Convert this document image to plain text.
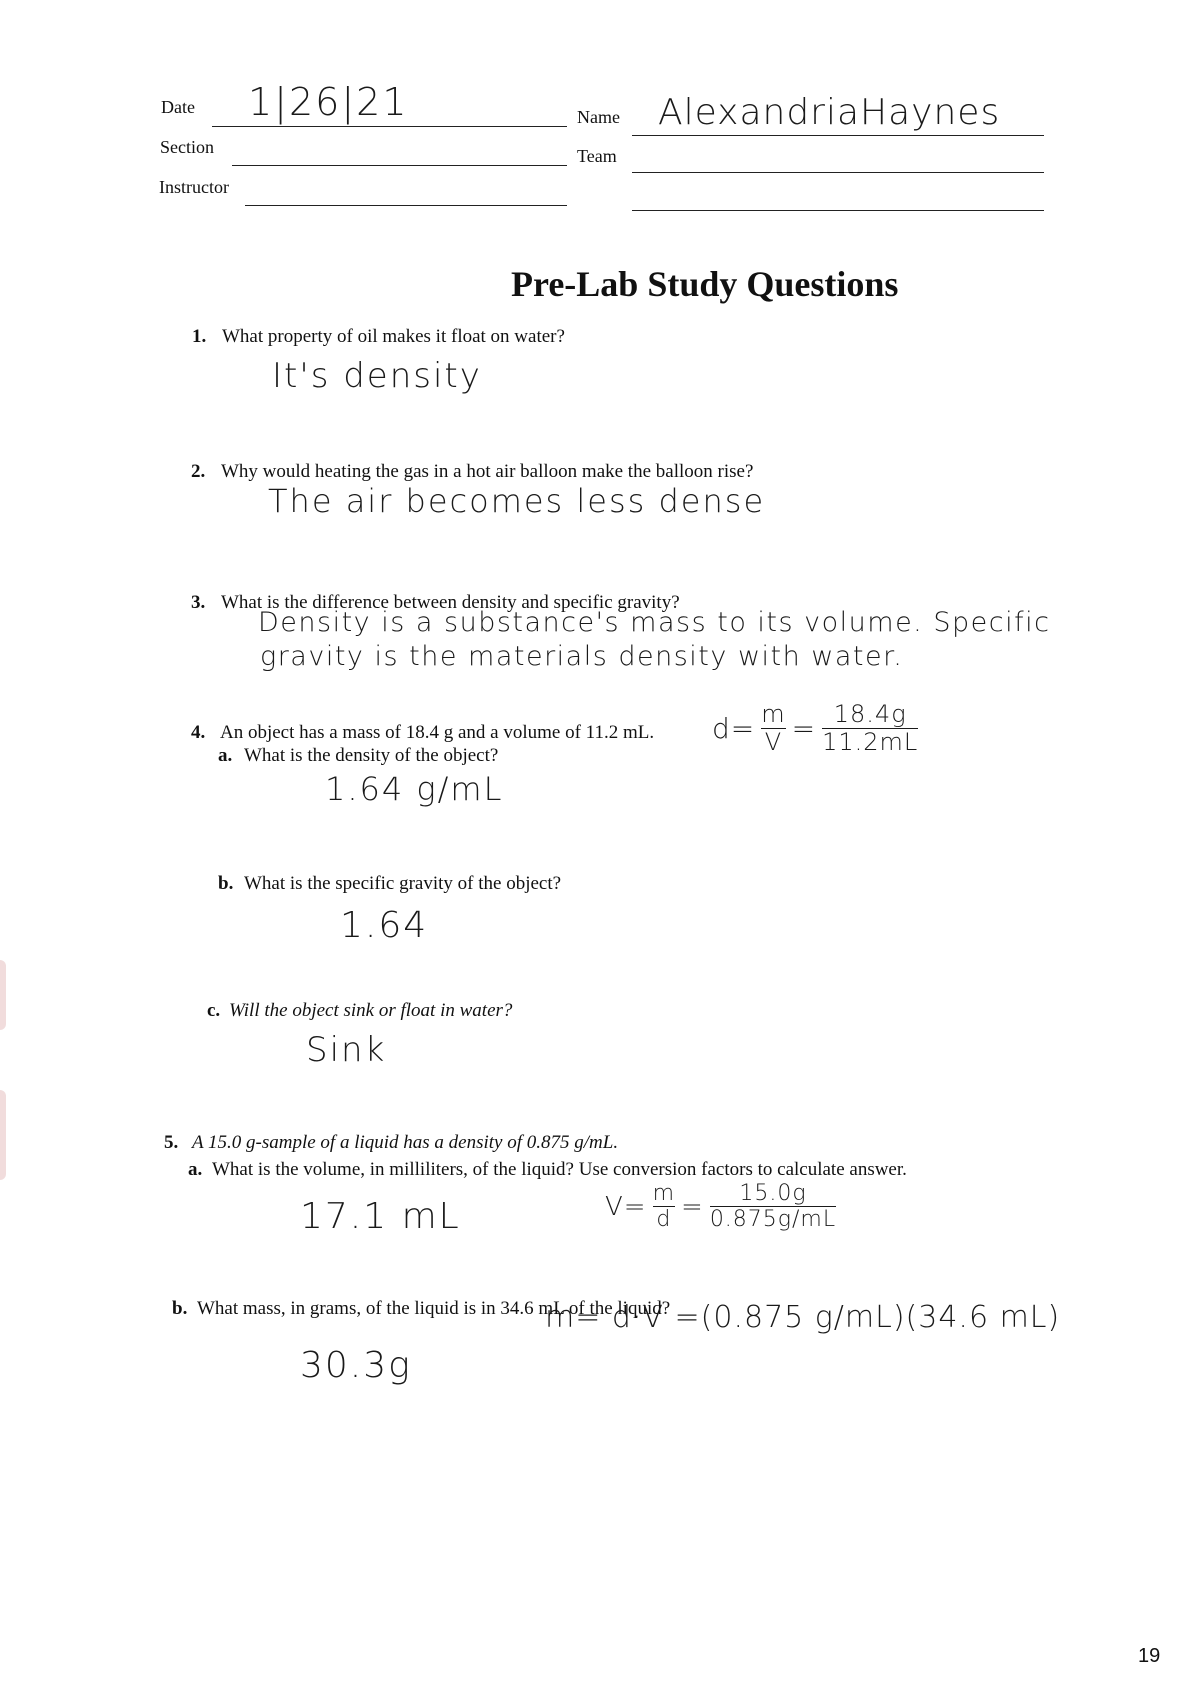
Date 1|26|21	Name AlexandriaHaynes
Section	Team
Instructor
Pre-Lab Study Questions
1. What property of oil makes it float on water?
It's density
2. Why would heating the gas in a hot air balloon make the balloon rise?
The air becomes less dense
3. What is the difference between density and specific gravity?
Density is a substance's mass to its volume. Specific
gravity is the materials density with water.
4. An object has a mass of 18.4 g and a volume of 11.2 mL. $d= \frac{m}{V} = \frac{18.4g}{11.2mL}$
a. What is the density of the object?
1.64 g/mL
b. What is the specific gravity of the object?
1.64
c. Will the object sink or float in water?
Sink
5. A 15.0 g-sample of a liquid has a density of 0.875 g/mL.
a. What is the volume, in milliliters, of the liquid? Use conversion factors to calculate answer.
17.1 mL	$V= \frac{m}{d} = \frac{15.0g}{0.875g/mL}$
b. What mass, in grams, of the liquid is in 34.6 mL of the liquid?
m= d·V =(0.875 g/mL)(34.6 mL)
30.3g
19
